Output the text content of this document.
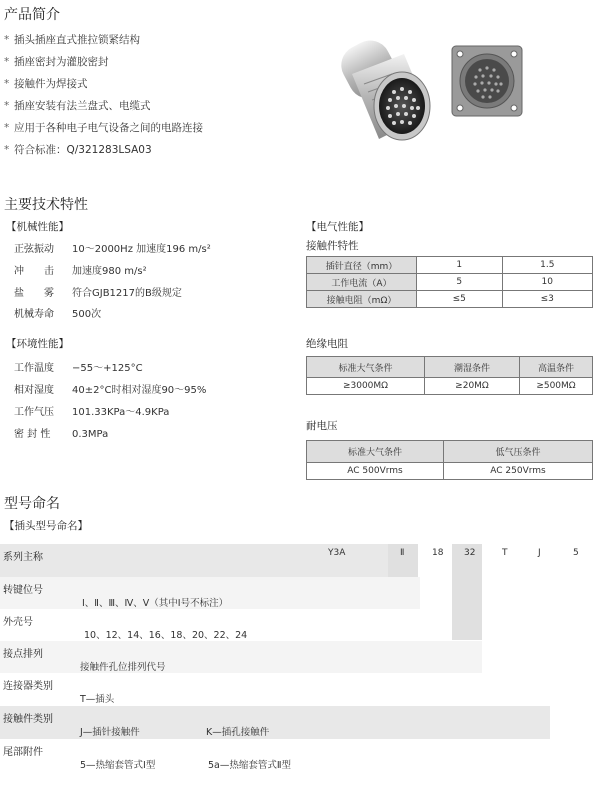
产品简介
* 插头插座直式推拉锁紧结构
* 插座密封为灌胶密封
* 接触件为焊接式
* 插座安装有法兰盘式、电缆式
* 应用于各种电子电气设备之间的电路连接
* 符合标准：Q/321283LSA03
主要技术特性
【机械性能】
正弦振动 10～2000Hz 加速度196 m/s²
冲　　击 加速度980 m/s²
盐　　雾 符合GJB1217的B级规定
机械寿命 500次
【环境性能】
工作温度 −55～+125°C
相对湿度 40±2°C时相对湿度90～95%
工作气压 101.33KPa～4.9KPa
密 封 性 0.3MPa
【电气性能】
接触件特性
插针直径（mm）	1	1.5
工作电流（A）	5	10
接触电阻（mΩ）	≤5	≤3
绝缘电阻
标准大气条件	潮湿条件	高温条件
≥3000MΩ	≥20MΩ	≥500MΩ
耐电压
标准大气条件	低气压条件
AC 500Vrms	AC 250Vrms
型号命名
【插头型号命名】
系列主称
转键位号
Ⅰ、Ⅱ、Ⅲ、Ⅳ、Ⅴ（其中Ⅰ号不标注）
外壳号
10、12、14、16、18、20、22、24
接点排列
接触件孔位排列代号
连接器类别
T—插头
接触件类别
J—插针接触件	K—插孔接触件
尾部附件
5—热缩套管式Ⅰ型	5a—热缩套管式Ⅱ型
Y3A	Ⅱ	18 32	T	J	5
